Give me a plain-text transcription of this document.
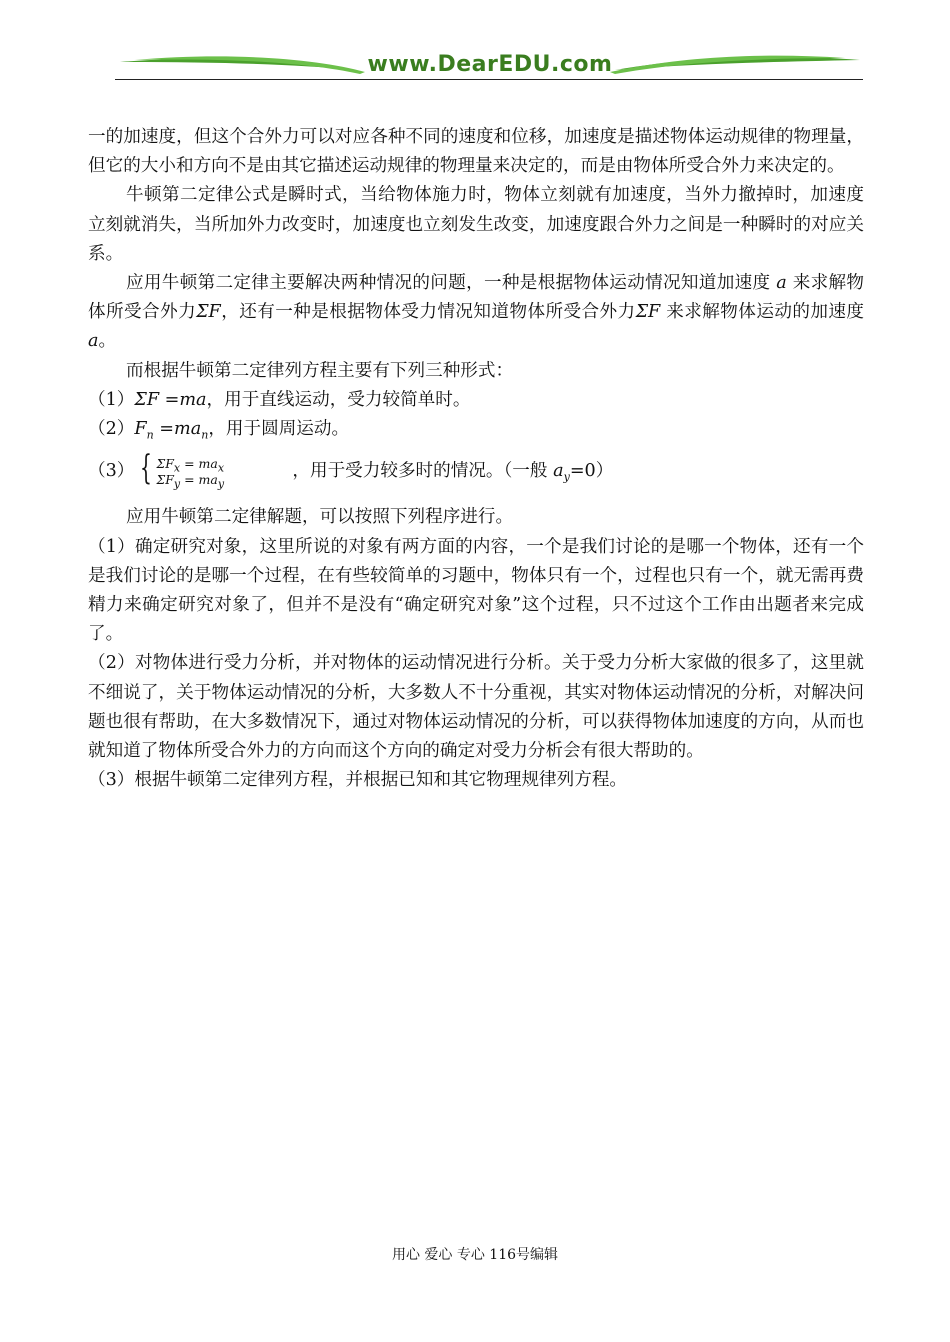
www.DearEDU.com

一的加速度，但这个合外力可以对应各种不同的速度和位移，加速度是描述物体运动规律的物理量，但它的大小和方向不是由其它描述运动规律的物理量来决定的，而是由物体所受合外力来决定的。

牛顿第二定律公式是瞬时式，当给物体施力时，物体立刻就有加速度，当外力撤掉时，加速度立刻就消失，当所加外力改变时，加速度也立刻发生改变，加速度跟合外力之间是一种瞬时的对应关系。

应用牛顿第二定律主要解决两种情况的问题，一种是根据物体运动情况知道加速度 a 来求解物体所受合外力ΣF，还有一种是根据物体受力情况知道物体所受合外力ΣF 来求解物体运动的加速度 a。

而根据牛顿第二定律列方程主要有下列三种形式：

（1）ΣF =ma，用于直线运动，受力较简单时。

$(2)F_n =ma_n$，用于圆周运动。

（3） { $\Sigma F_x = ma_x$
$\Sigma F_y = ma_y$
，用于受力较多时的情况。（一般 $a_y=0$）

应用牛顿第二定律解题，可以按照下列程序进行。

（1）确定研究对象，这里所说的对象有两方面的内容，一个是我们讨论的是哪一个物体，还有一个是我们讨论的是哪一个过程，在有些较简单的习题中，物体只有一个，过程也只有一个，就无需再费精力来确定研究对象了，但并不是没有“确定研究对象”这个过程，只不过这个工作由出题者来完成了。

（2）对物体进行受力分析，并对物体的运动情况进行分析。关于受力分析大家做的很多了，这里就不细说了，关于物体运动情况的分析，大多数人不十分重视，其实对物体运动情况的分析，对解决问题也很有帮助，在大多数情况下，通过对物体运动情况的分析，可以获得物体加速度的方向，从而也就知道了物体所受合外力的方向而这个方向的确定对受力分析会有很大帮助的。

（3）根据牛顿第二定律列方程，并根据已知和其它物理规律列方程。

用心 爱心 专心 116号编辑
